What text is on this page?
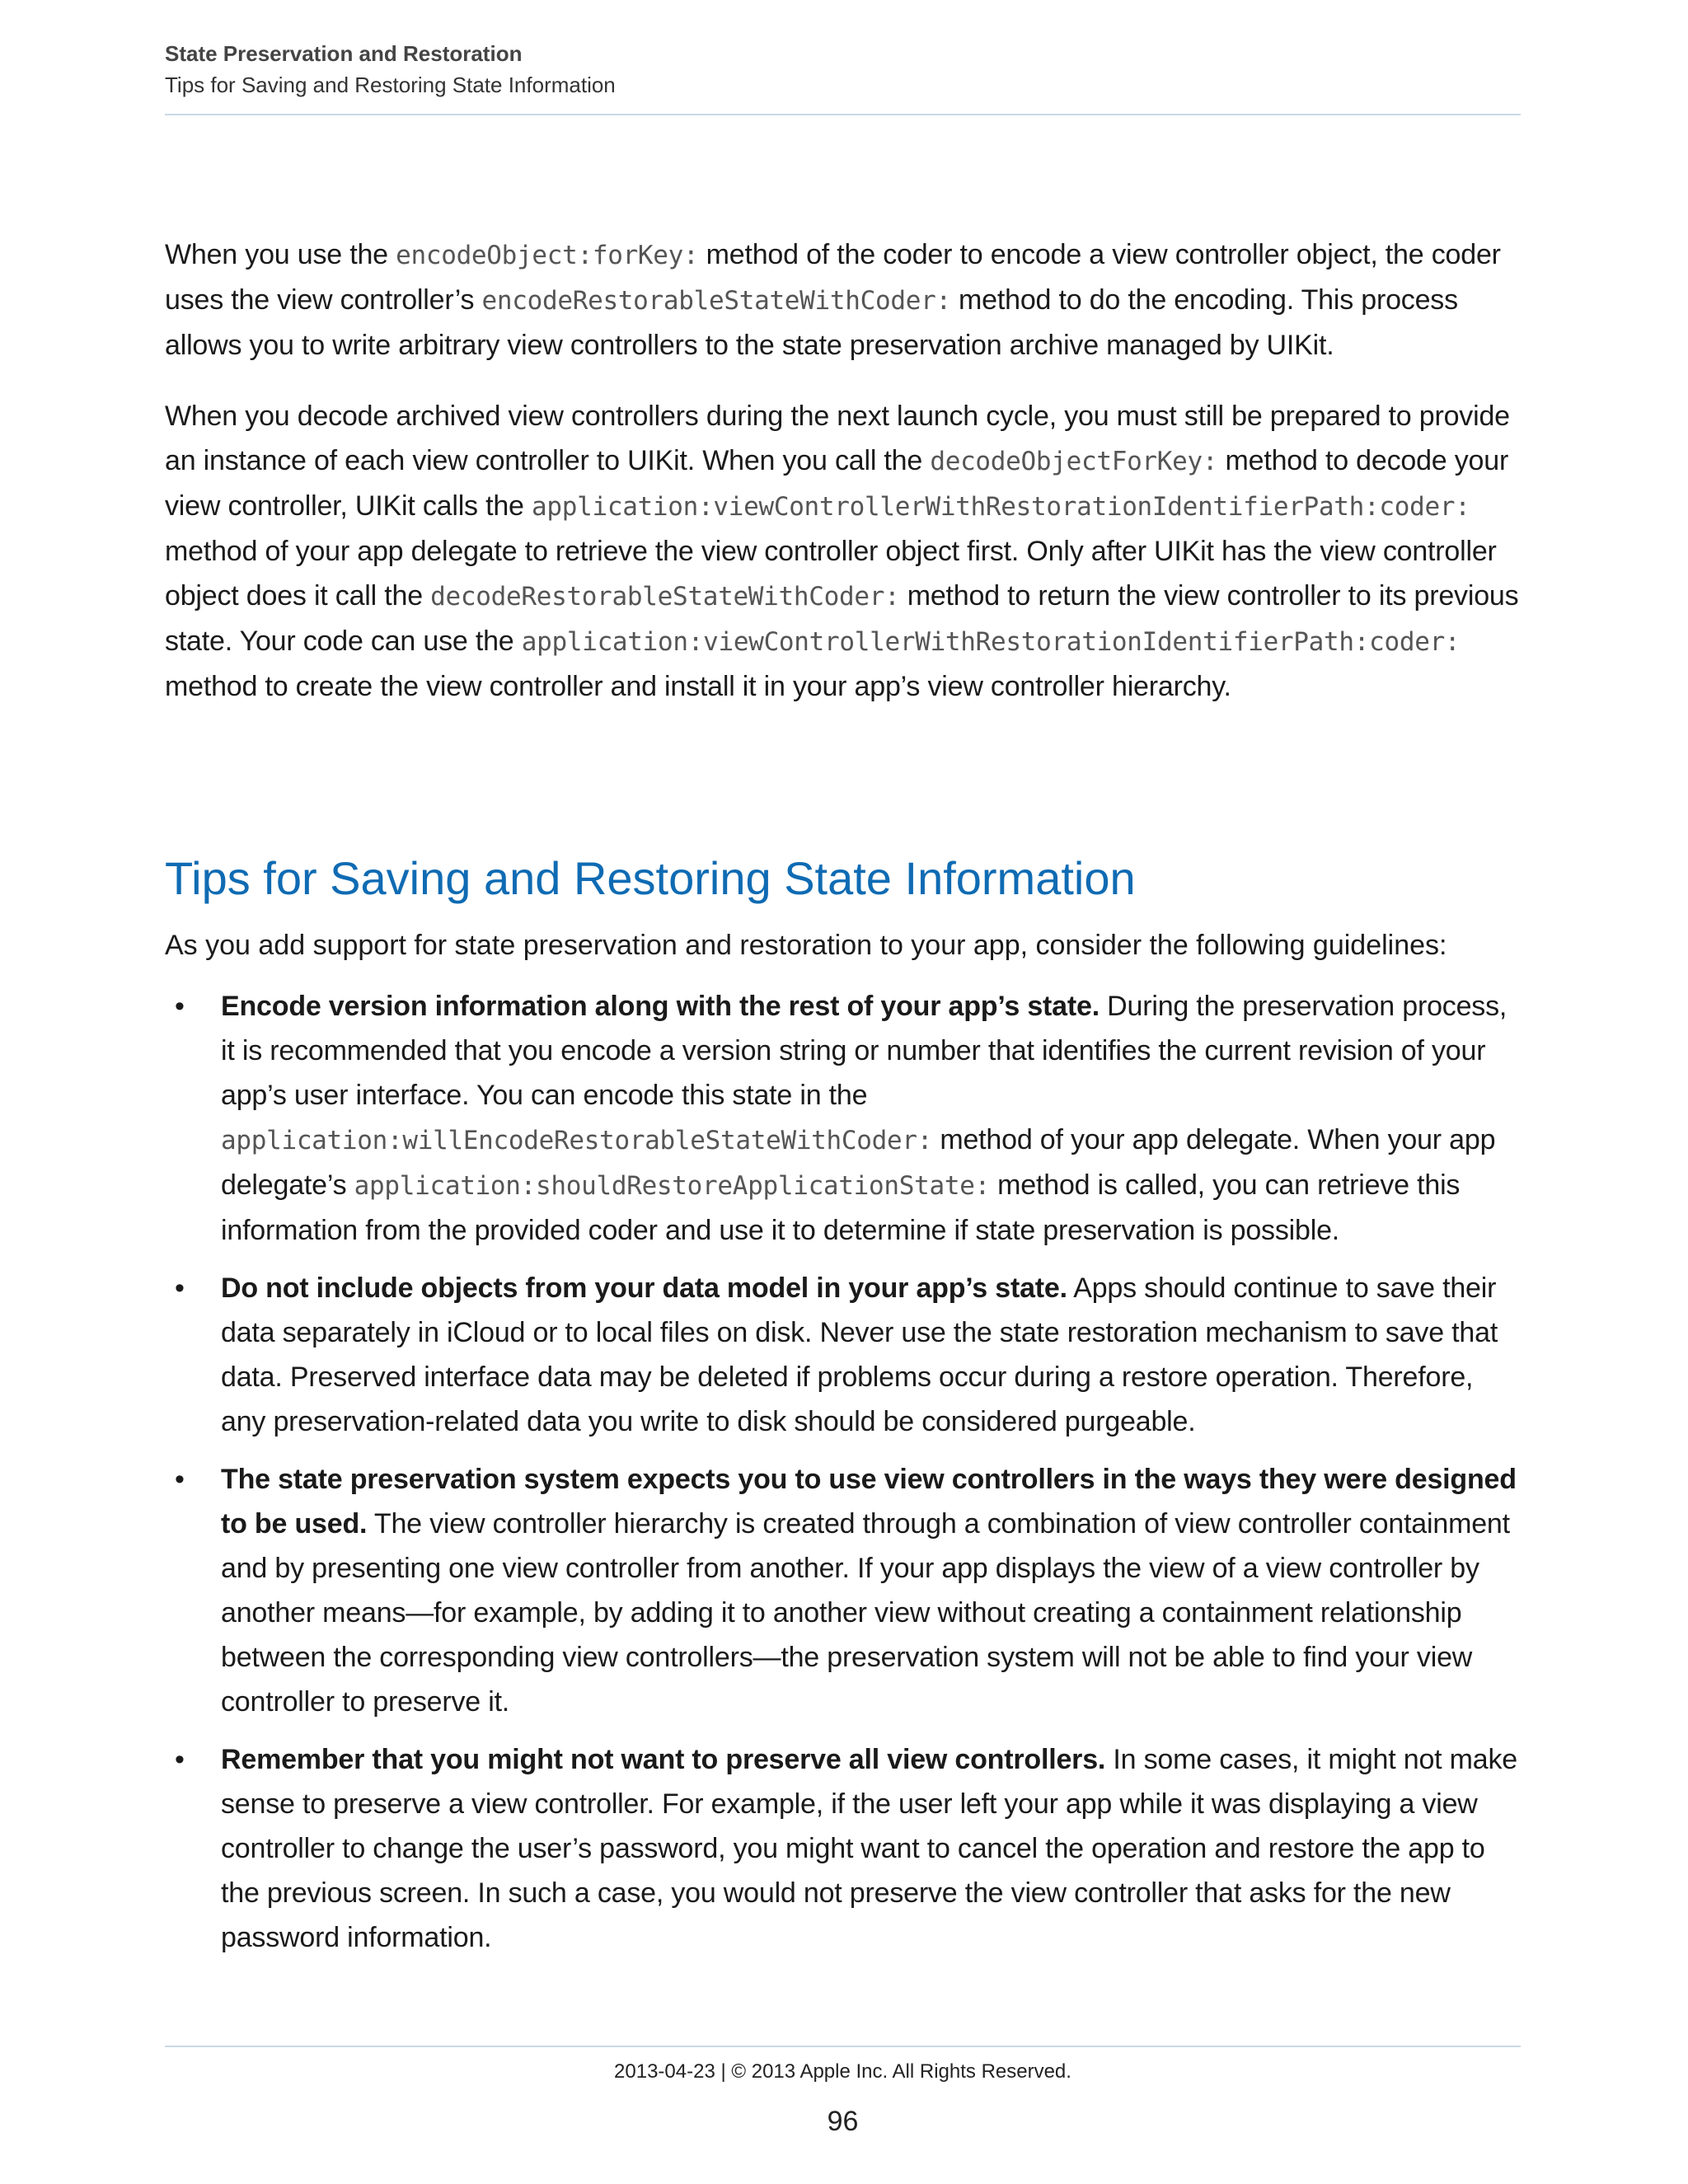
State Preservation and Restoration
Tips for Saving and Restoring State Information

When you use the encodeObject:forKey: method of the coder to encode a view controller object, the coder uses the view controller’s encodeRestorableStateWithCoder: method to do the encoding. This process allows you to write arbitrary view controllers to the state preservation archive managed by UIKit.

When you decode archived view controllers during the next launch cycle, you must still be prepared to provide an instance of each view controller to UIKit. When you call the decodeObjectForKey: method to decode your view controller, UIKit calls the application:viewControllerWithRestorationIdentifierPath:coder: method of your app delegate to retrieve the view controller object first. Only after UIKit has the view controller object does it call the decodeRestorableStateWithCoder: method to return the view controller to its previous state. Your code can use the application:viewControllerWithRestorationIdentifierPath:coder: method to create the view controller and install it in your app’s view controller hierarchy.

Tips for Saving and Restoring State Information
As you add support for state preservation and restoration to your app, consider the following guidelines:
• Encode version information along with the rest of your app’s state. During the preservation process, it is recommended that you encode a version string or number that identifies the current revision of your app’s user interface. You can encode this state in the application:willEncodeRestorableStateWithCoder: method of your app delegate. When your app delegate’s application:shouldRestoreApplicationState: method is called, you can retrieve this information from the provided coder and use it to determine if state preservation is possible.
• Do not include objects from your data model in your app’s state. Apps should continue to save their data separately in iCloud or to local files on disk. Never use the state restoration mechanism to save that data. Preserved interface data may be deleted if problems occur during a restore operation. Therefore, any preservation-related data you write to disk should be considered purgeable.
• The state preservation system expects you to use view controllers in the ways they were designed to be used. The view controller hierarchy is created through a combination of view controller containment and by presenting one view controller from another. If your app displays the view of a view controller by another means—for example, by adding it to another view without creating a containment relationship between the corresponding view controllers—the preservation system will not be able to find your view controller to preserve it.
• Remember that you might not want to preserve all view controllers. In some cases, it might not make sense to preserve a view controller. For example, if the user left your app while it was displaying a view controller to change the user’s password, you might want to cancel the operation and restore the app to the previous screen. In such a case, you would not preserve the view controller that asks for the new password information.
2013-04-23 | © 2013 Apple Inc. All Rights Reserved.
96
